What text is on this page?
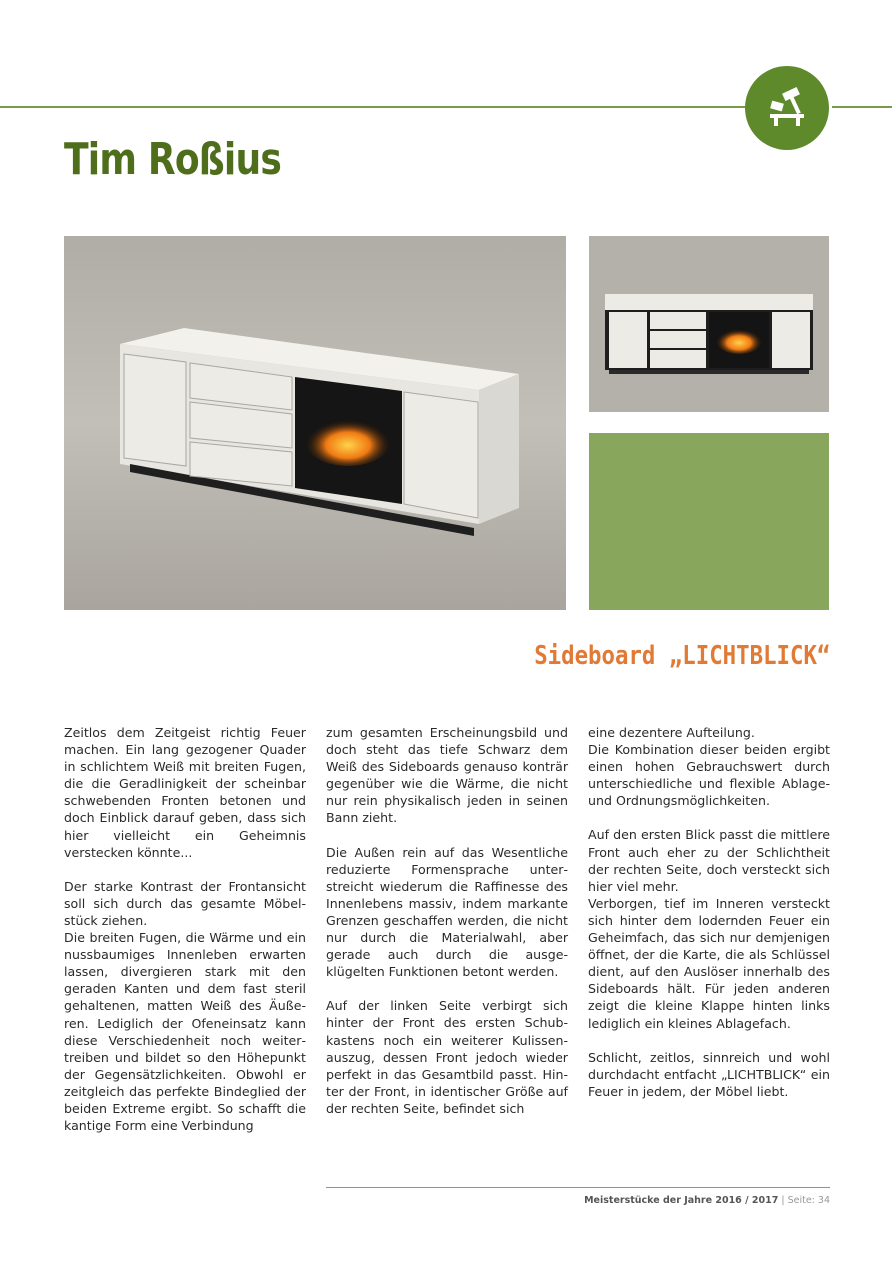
Tim Roßius
Sideboard „LICHTBLICK“

Zeitlos dem Zeitgeist richtig Feuer machen. Ein lang gezogener Quader in schlichtem Weiß mit breiten Fugen, die die Geradlinigkeit der scheinbar schwebenden Fronten betonen und doch Einblick darauf geben, dass sich hier vielleicht ein Geheimnis verstecken könnte...

Der starke Kontrast der Frontansicht soll sich durch das gesamte Möbelstück ziehen.

Die breiten Fugen, die Wärme und ein nussbaumiges Innenleben erwarten lassen, divergieren stark mit den geraden Kanten und dem fast steril gehaltenen, matten Weiß des Äußeren. Lediglich der Ofeneinsatz kann diese Verschiedenheit noch weitertreiben und bildet so den Höhepunkt der Gegensätzlichkeiten. Obwohl er zeitgleich das perfekte Bindeglied der beiden Extreme ergibt. So schafft die kantige Form eine Verbindung

zum gesamten Erscheinungsbild und doch steht das tiefe Schwarz dem Weiß des Sideboards genauso konträr gegenüber wie die Wärme, die nicht nur rein physikalisch jeden in seinen Bann zieht.

Die Außen rein auf das Wesentliche reduzierte Formensprache unterstreicht wiederum die Raffinesse des Innenlebens massiv, indem markante Grenzen geschaffen werden, die nicht nur durch die Materialwahl, aber gerade auch durch die ausgeklügelten Funktionen betont werden.

Auf der linken Seite verbirgt sich hinter der Front des ersten Schubkastens noch ein weiterer Kulissenauszug, dessen Front jedoch wieder perfekt in das Gesamtbild passt. Hinter der Front, in identischer Größe auf der rechten Seite, befindet sich

eine dezentere Aufteilung.

Die Kombination dieser beiden ergibt einen hohen Gebrauchswert durch unterschiedliche und flexible Ablage- und Ordnungsmöglichkeiten.

Auf den ersten Blick passt die mittlere Front auch eher zu der Schlichtheit der rechten Seite, doch versteckt sich hier viel mehr.

Verborgen, tief im Inneren versteckt sich hinter dem lodernden Feuer ein Geheimfach, das sich nur demjenigen öffnet, der die Karte, die als Schlüssel dient, auf den Auslöser innerhalb des Sideboards hält. Für jeden anderen zeigt die kleine Klappe hinten links lediglich ein kleines Ablagefach.

Schlicht, zeitlos, sinnreich und wohl durchdacht entfacht „LICHTBLICK“ ein Feuer in jedem, der Möbel liebt.

Meisterstücke der Jahre 2016 / 2017 | Seite: 34
